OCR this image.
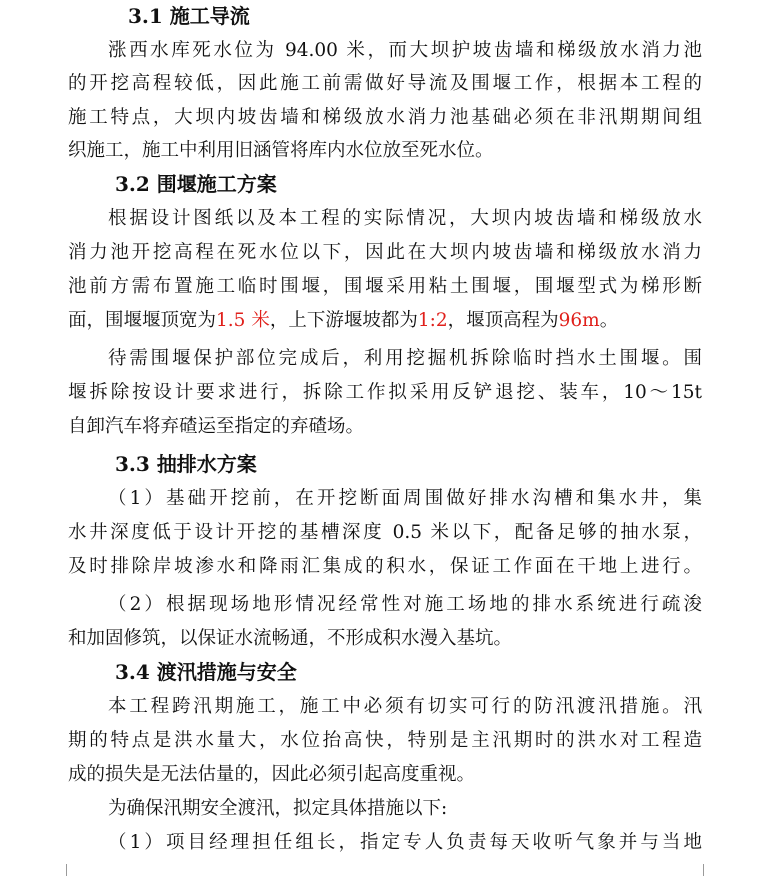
3.1 施工导流
涨西水库死水位为 94.00 米，而大坝护坡齿墙和梯级放水消力池
的开挖高程较低，因此施工前需做好导流及围堰工作，根据本工程的
施工特点，大坝内坡齿墙和梯级放水消力池基础必须在非汛期期间组
织施工，施工中利用旧涵管将库内水位放至死水位。
3.2 围堰施工方案
根据设计图纸以及本工程的实际情况，大坝内坡齿墙和梯级放水
消力池开挖高程在死水位以下，因此在大坝内坡齿墙和梯级放水消力
池前方需布置施工临时围堰，围堰采用粘土围堰，围堰型式为梯形断
面，围堰堰顶宽为1.5 米，上下游堰坡都为1:2，堰顶高程为96m。
待需围堰保护部位完成后，利用挖掘机拆除临时挡水土围堰。围
堰拆除按设计要求进行，拆除工作拟采用反铲退挖、装车，10～15t
自卸汽车将弃碴运至指定的弃碴场。
3.3 抽排水方案
（1）基础开挖前，在开挖断面周围做好排水沟槽和集水井，集
水井深度低于设计开挖的基槽深度 0.5 米以下，配备足够的抽水泵，
及时排除岸坡渗水和降雨汇集成的积水，保证工作面在干地上进行。
（2）根据现场地形情况经常性对施工场地的排水系统进行疏浚
和加固修筑，以保证水流畅通，不形成积水漫入基坑。
3.4 渡汛措施与安全
本工程跨汛期施工，施工中必须有切实可行的防汛渡汛措施。汛
期的特点是洪水量大，水位抬高快，特别是主汛期时的洪水对工程造
成的损失是无法估量的，因此必须引起高度重视。
为确保汛期安全渡汛，拟定具体措施以下:
（1）项目经理担任组长，指定专人负责每天收听气象并与当地
